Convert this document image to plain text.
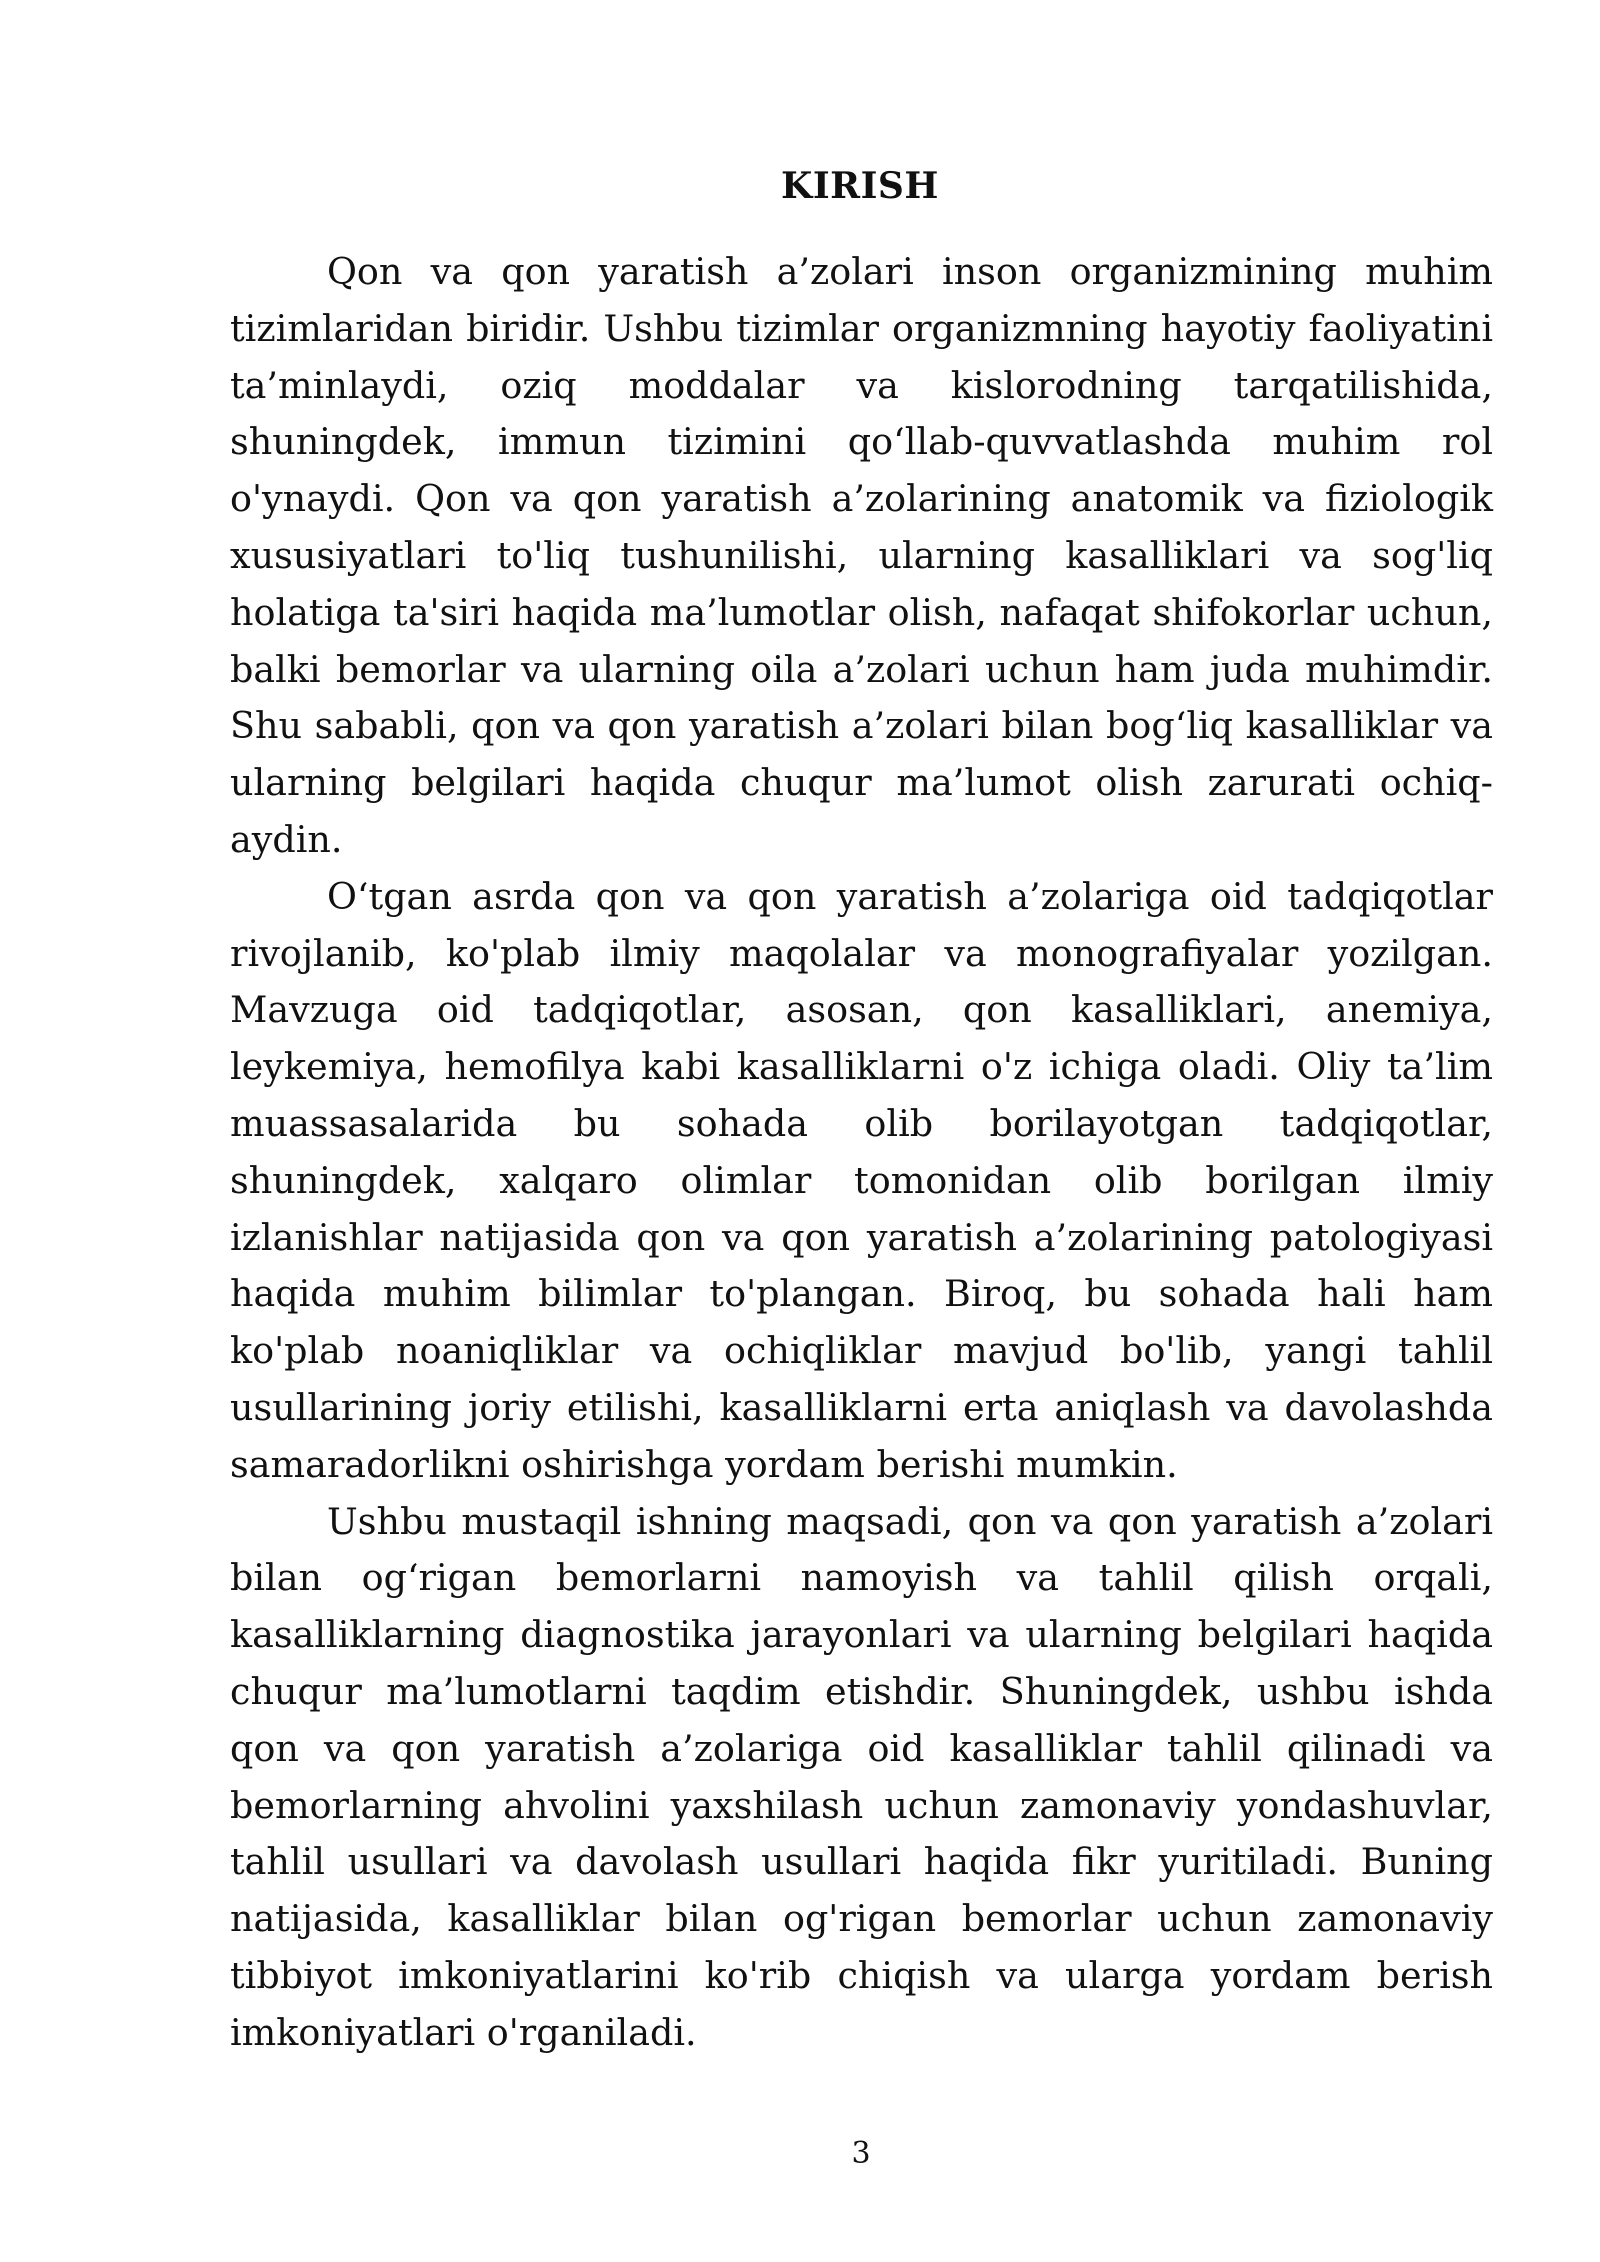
KIRISH

Qon va qon yaratish a’zolari inson organizmining muhim tizimlaridan biridir. Ushbu tizimlar organizmning hayotiy faoliyatini ta’minlaydi, oziq moddalar va kislorodning tarqatilishida, shuningdek, immun tizimini qo‘llab-quvvatlashda muhim rol o'ynaydi. Qon va qon yaratish a’zolarining anatomik va fiziologik xususiyatlari to'liq tushunilishi, ularning kasalliklari va sog'liq holatiga ta'siri haqida ma’lumotlar olish, nafaqat shifokorlar uchun, balki bemorlar va ularning oila a’zolari uchun ham juda muhimdir. Shu sababli, qon va qon yaratish a’zolari bilan bog‘liq kasalliklar va ularning belgilari haqida chuqur ma’lumot olish zarurati ochiq-aydin.

O‘tgan asrda qon va qon yaratish a’zolariga oid tadqiqotlar rivojlanib, ko'plab ilmiy maqolalar va monografiyalar yozilgan. Mavzuga oid tadqiqotlar, asosan, qon kasalliklari, anemiya, leykemiya, hemofilya kabi kasalliklarni o'z ichiga oladi. Oliy ta’lim muassasalarida bu sohada olib borilayotgan tadqiqotlar, shuningdek, xalqaro olimlar tomonidan olib borilgan ilmiy izlanishlar natijasida qon va qon yaratish a’zolarining patologiyasi haqida muhim bilimlar to'plangan. Biroq, bu sohada hali ham ko'plab noaniqliklar va ochiqliklar mavjud bo'lib, yangi tahlil usullarining joriy etilishi, kasalliklarni erta aniqlash va davolashda samaradorlikni oshirishga yordam berishi mumkin.

Ushbu mustaqil ishning maqsadi, qon va qon yaratish a’zolari bilan og‘rigan bemorlarni namoyish va tahlil qilish orqali, kasalliklarning diagnostika jarayonlari va ularning belgilari haqida chuqur ma’lumotlarni taqdim etishdir. Shuningdek, ushbu ishda qon va qon yaratish a’zolariga oid kasalliklar tahlil qilinadi va bemorlarning ahvolini yaxshilash uchun zamonaviy yondashuvlar, tahlil usullari va davolash usullari haqida fikr yuritiladi. Buning natijasida, kasalliklar bilan og'rigan bemorlar uchun zamonaviy tibbiyot imkoniyatlarini ko'rib chiqish va ularga yordam berish imkoniyatlari o'rganiladi.

3
